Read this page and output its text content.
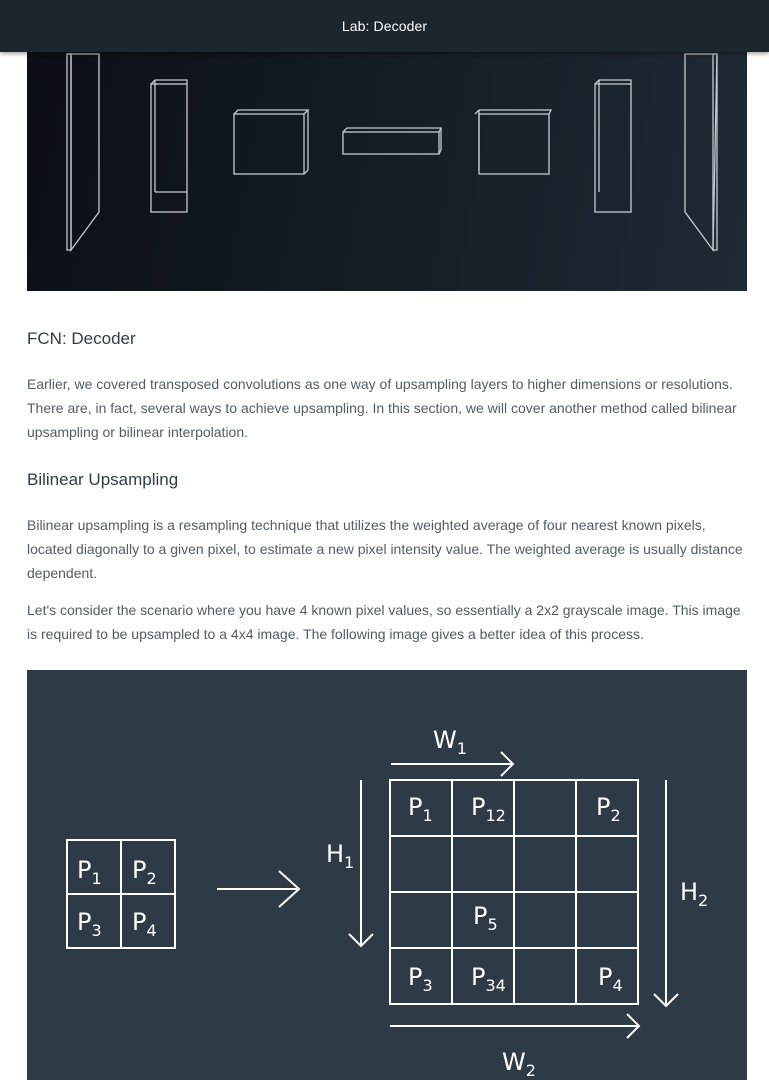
Lab: Decoder
FCN: Decoder

Earlier, we covered transposed convolutions as one way of upsampling layers to higher dimensions or resolutions. There are, in fact, several ways to achieve upsampling. In this section, we will cover another method called bilinear upsampling or bilinear interpolation.

Bilinear Upsampling

Bilinear upsampling is a resampling technique that utilizes the weighted average of four nearest known pixels, located diagonally to a given pixel, to estimate a new pixel intensity value. The weighted average is usually distance dependent.

Let's consider the scenario where you have 4 known pixel values, so essentially a 2x2 grayscale image. This image is required to be upsampled to a 4x4 image. The following image gives a better idea of this process.

$P_1$ $P_2$
$P_3$ $P_4$
$P_1$ $P_{12}$	$P_2$
$P_5$
$P_3$ $P_{34}$	$P_4$
$W_1$
$H_1$
$H_2$
$W_2$
